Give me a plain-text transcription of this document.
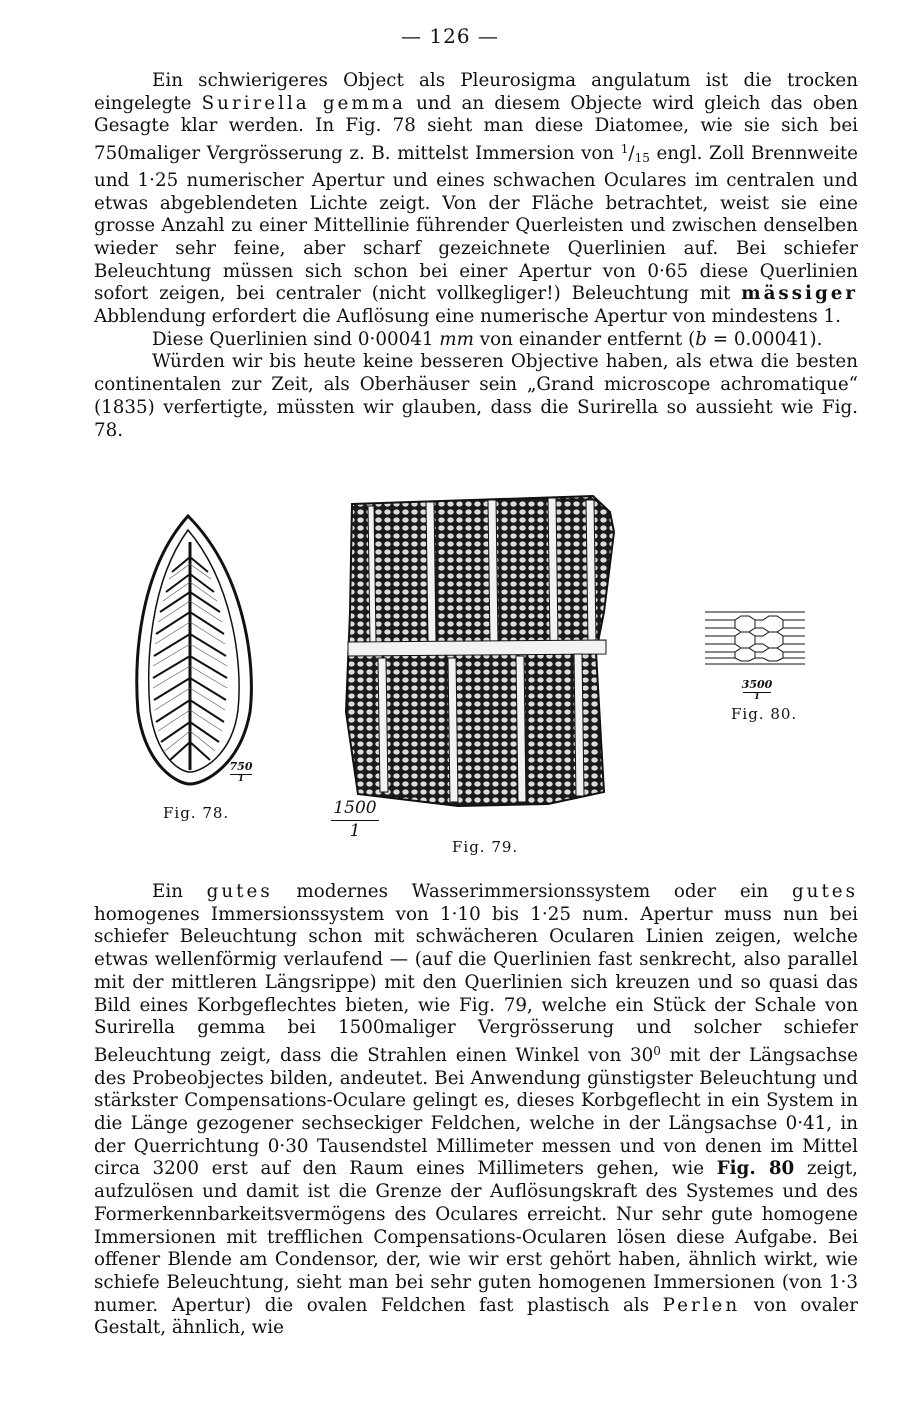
— 126 —

Ein schwierigeres Object als Pleurosigma angulatum ist die trocken eingelegte Surirella gemma und an diesem Objecte wird gleich das oben Gesagte klar werden. In Fig. 78 sieht man diese Diatomee, wie sie sich bei 750maliger Vergrösserung z. B. mittelst Immersion von $^1/_{15}$ engl. Zoll Brennweite und 1·25 numerischer Apertur und eines schwachen Oculares im centralen und etwas abgeblendeten Lichte zeigt. Von der Fläche betrachtet, weist sie eine grosse Anzahl zu einer Mittellinie führender Querleisten und zwischen denselben wieder sehr feine, aber scharf gezeichnete Querlinien auf. Bei schiefer Beleuchtung müssen sich schon bei einer Apertur von 0·65 diese Querlinien sofort zeigen, bei centraler (nicht vollkegliger!) Beleuchtung mit mässiger Abblendung erfordert die Auflösung eine numerische Apertur von mindestens 1.

Diese Querlinien sind 0·00041 mm von einander entfernt (b = 0.00041).

Würden wir bis heute keine besseren Objective haben, als etwa die besten continentalen zur Zeit, als Oberhäuser sein „Grand microscope achromatique“ (1835) verfertigte, müssten wir glauben, dass die Surirella so aussieht wie Fig. 78.

750
1
Fig. 78.	1500
1
Fig. 79.
3500
1
Fig. 80.

Ein gutes modernes Wasserimmersionssystem oder ein gutes homogenes Immersionssystem von 1·10 bis 1·25 num. Apertur muss nun bei schiefer Beleuchtung schon mit schwächeren Ocularen Linien zeigen, welche etwas wellenförmig verlaufend — (auf die Querlinien fast senkrecht, also parallel mit der mittleren Längsrippe) mit den Querlinien sich kreuzen und so quasi das Bild eines Korbgeflechtes bieten, wie Fig. 79, welche ein Stück der Schale von Surirella gemma bei 1500maliger Vergrösserung und solcher schiefer Beleuchtung zeigt, dass die Strahlen einen Winkel von $30^0$ mit der Längsachse des Probeobjectes bilden, andeutet. Bei Anwendung günstigster Beleuchtung und stärkster Compensations-Oculare gelingt es, dieses Korbgeflecht in ein System in die Länge gezogener sechseckiger Feldchen, welche in der Längsachse 0·41, in der Querrichtung 0·30 Tausendstel Millimeter messen und von denen im Mittel circa 3200 erst auf den Raum eines Millimeters gehen, wie Fig. 80 zeigt, aufzulösen und damit ist die Grenze der Auflösungskraft des Systemes und des Formerkennbarkeitsvermögens des Oculares erreicht. Nur sehr gute homogene Immersionen mit trefflichen Compensations-Ocularen lösen diese Aufgabe. Bei offener Blende am Condensor, der, wie wir erst gehört haben, ähnlich wirkt, wie schiefe Beleuchtung, sieht man bei sehr guten homogenen Immersionen (von 1·3 numer. Apertur) die ovalen Feldchen fast plastisch als Perlen von ovaler Gestalt, ähnlich, wie
